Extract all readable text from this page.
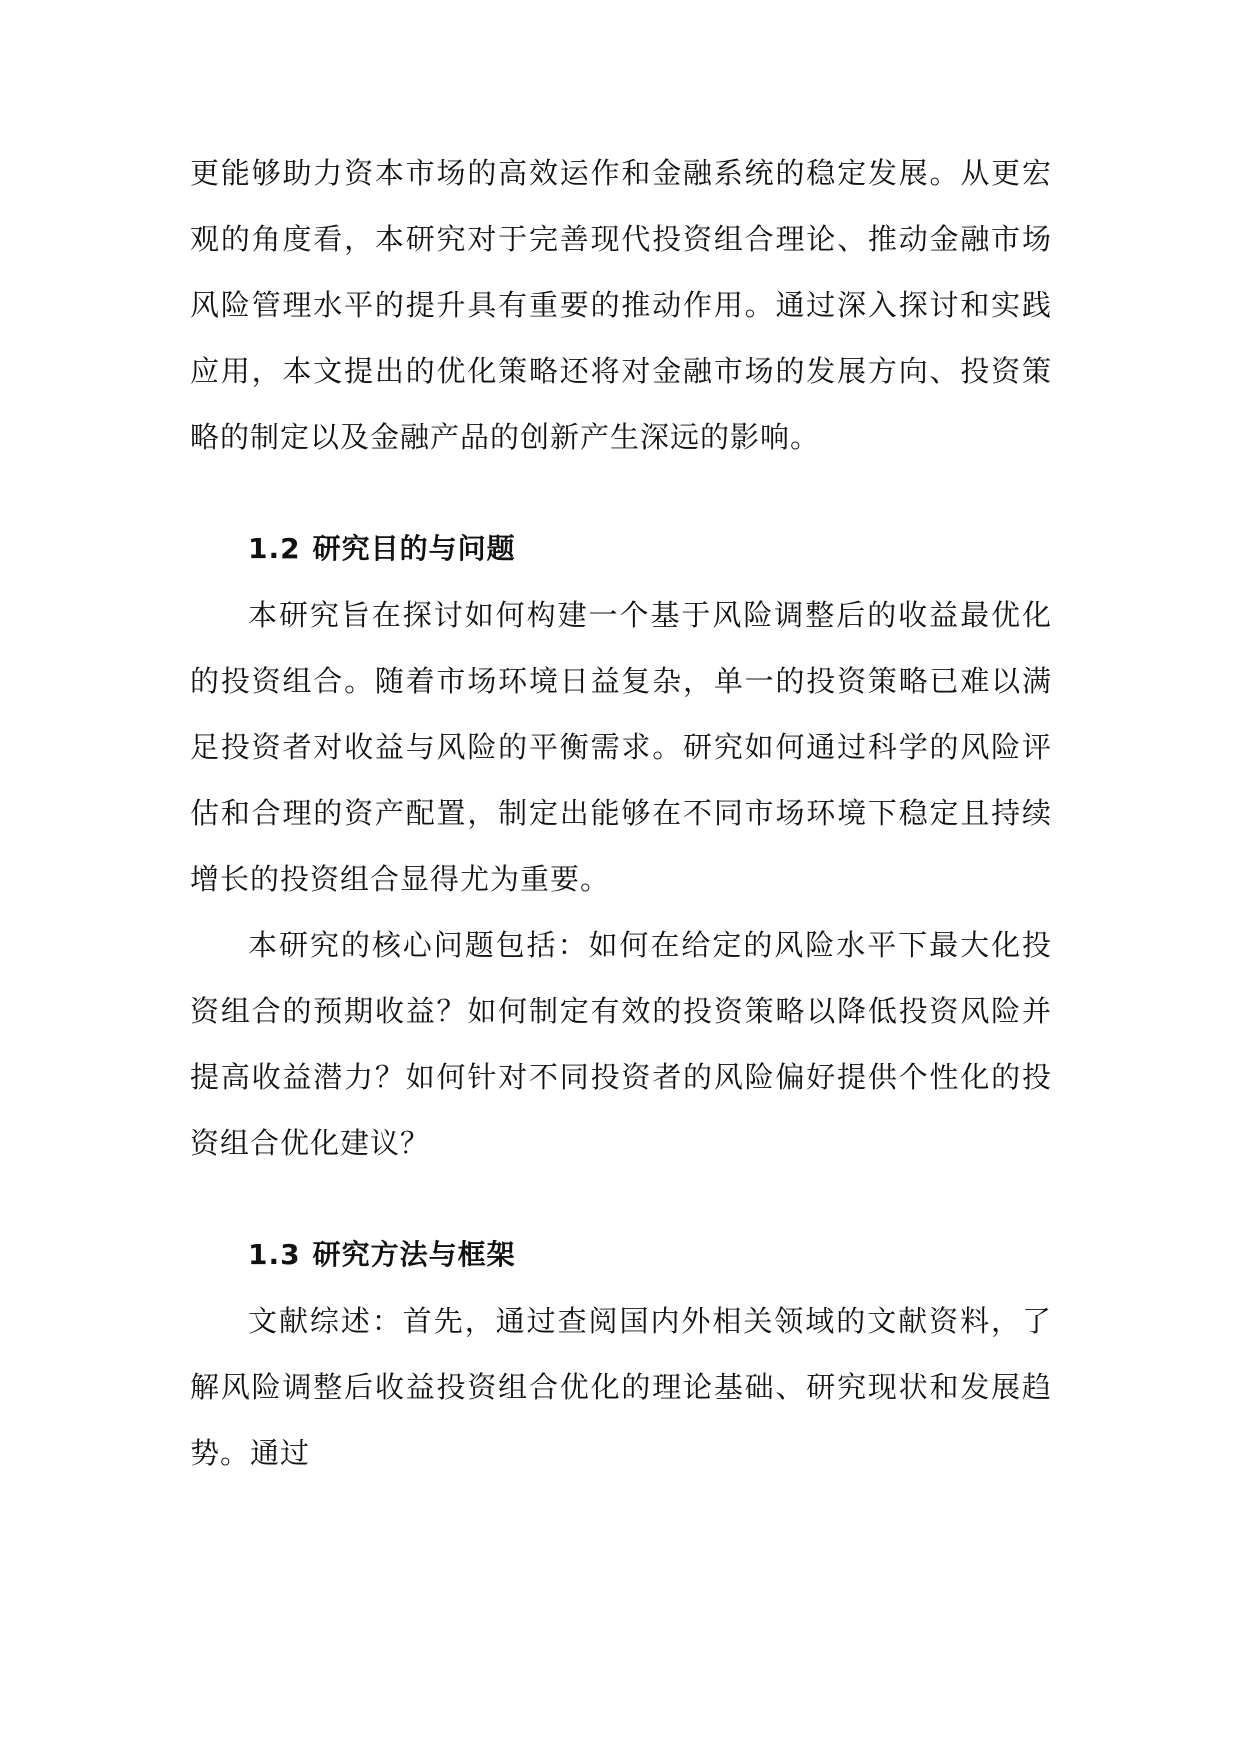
更能够助力资本市场的高效运作和金融系统的稳定发展。从更宏观的角度看，本研究对于完善现代投资组合理论、推动金融市场风险管理水平的提升具有重要的推动作用。通过深入探讨和实践应用，本文提出的优化策略还将对金融市场的发展方向、投资策略的制定以及金融产品的创新产生深远的影响。

1.2 研究目的与问题

本研究旨在探讨如何构建一个基于风险调整后的收益最优化的投资组合。随着市场环境日益复杂，单一的投资策略已难以满足投资者对收益与风险的平衡需求。研究如何通过科学的风险评估和合理的资产配置，制定出能够在不同市场环境下稳定且持续增长的投资组合显得尤为重要。

本研究的核心问题包括：如何在给定的风险水平下最大化投资组合的预期收益？如何制定有效的投资策略以降低投资风险并提高收益潜力？如何针对不同投资者的风险偏好提供个性化的投资组合优化建议？

1.3 研究方法与框架

文献综述：首先，通过查阅国内外相关领域的文献资料，了解风险调整后收益投资组合优化的理论基础、研究现状和发展趋势。通过
